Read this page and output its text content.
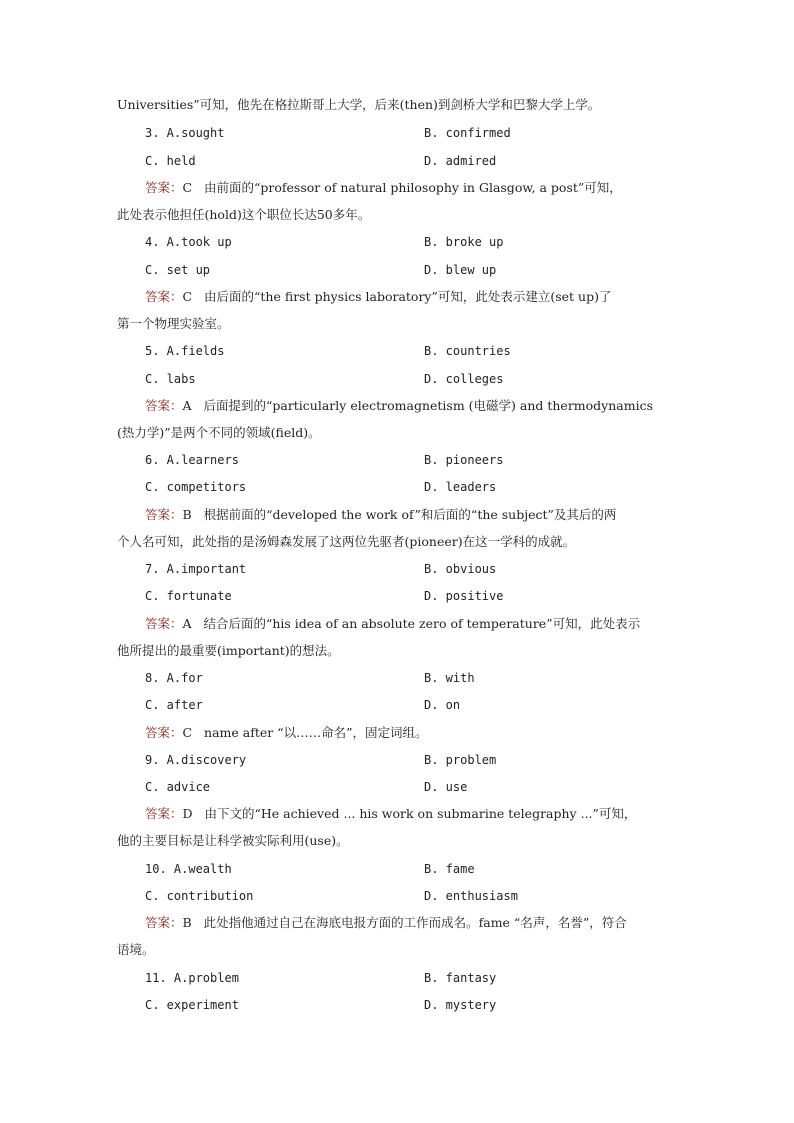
Universities”可知，他先在格拉斯哥上大学，后来(then)到剑桥大学和巴黎大学上学。
3. A.sought	B. confirmed
C. held	D. admired
答案：C 由前面的“professor of natural philosophy in Glasgow, a post”可知，
此处表示他担任(hold)这个职位长达50多年。
4. A.took up	B. broke up
C. set up	D. blew up
答案：C 由后面的“the first physics laboratory”可知，此处表示建立(set up)了
第一个物理实验室。
5. A.fields	B. countries
C. labs	D. colleges
答案：A 后面提到的“particularly electromagnetism (电磁学) and thermodynamics
(热力学)”是两个不同的领域(field)。
6. A.learners	B. pioneers
C. competitors	D. leaders
答案：B 根据前面的“developed the work of”和后面的“the subject”及其后的两
个人名可知，此处指的是汤姆森发展了这两位先驱者(pioneer)在这一学科的成就。
7. A.important	B. obvious
C. fortunate	D. positive
答案：A 结合后面的“his idea of an absolute zero of temperature”可知，此处表示
他所提出的最重要(important)的想法。
8. A.for	B. with
C. after	D. on
答案：C name after “以……命名”，固定词组。
9. A.discovery	B. problem
C. advice	D. use
答案：D 由下文的“He achieved ... his work on submarine telegraphy ...”可知，
他的主要目标是让科学被实际利用(use)。
10. A.wealth	B. fame
C. contribution	D. enthusiasm
答案：B 此处指他通过自己在海底电报方面的工作而成名。fame “名声，名誉”，符合
语境。
11. A.problem	B. fantasy
C. experiment	D. mystery
